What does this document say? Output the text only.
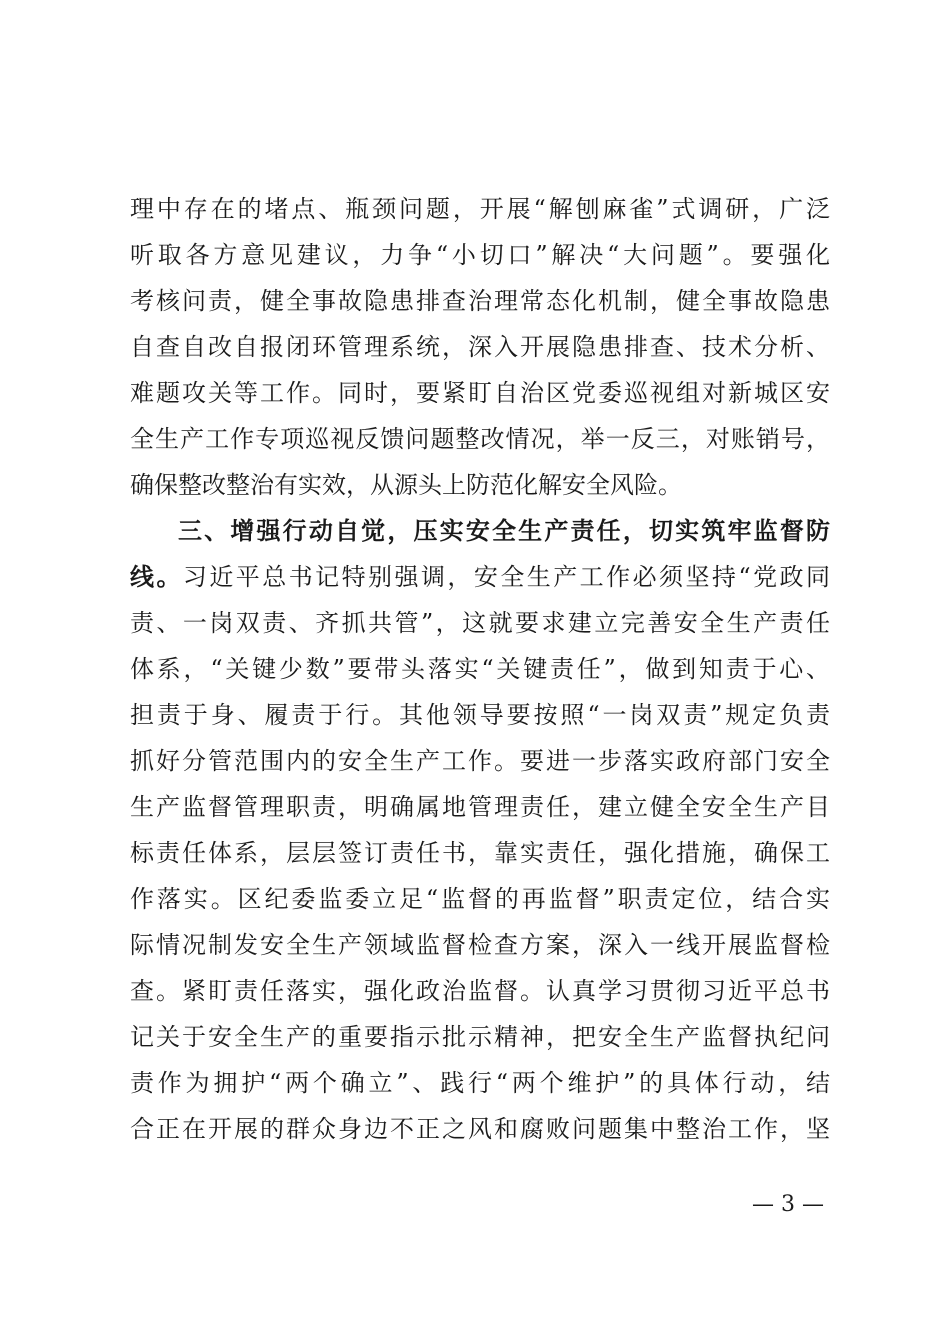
理中存在的堵点、瓶颈问题，开展“解刨麻雀”式调研，广泛
听取各方意见建议，力争“小切口”解决“大问题”。要强化
考核问责，健全事故隐患排查治理常态化机制，健全事故隐患
自查自改自报闭环管理系统，深入开展隐患排查、技术分析、
难题攻关等工作。同时，要紧盯自治区党委巡视组对新城区安
全生产工作专项巡视反馈问题整改情况，举一反三，对账销号，
确保整改整治有实效，从源头上防范化解安全风险。
三、增强行动自觉，压实安全生产责任，切实筑牢监督防
线。习近平总书记特别强调，安全生产工作必须坚持“党政同
责、一岗双责、齐抓共管”，这就要求建立完善安全生产责任
体系，“关键少数”要带头落实“关键责任”，做到知责于心、
担责于身、履责于行。其他领导要按照“一岗双责”规定负责
抓好分管范围内的安全生产工作。要进一步落实政府部门安全
生产监督管理职责，明确属地管理责任，建立健全安全生产目
标责任体系，层层签订责任书，靠实责任，强化措施，确保工
作落实。区纪委监委立足“监督的再监督”职责定位，结合实
际情况制发安全生产领域监督检查方案，深入一线开展监督检
查。紧盯责任落实，强化政治监督。认真学习贯彻习近平总书
记关于安全生产的重要指示批示精神，把安全生产监督执纪问
责作为拥护“两个确立”、践行“两个维护”的具体行动，结
合正在开展的群众身边不正之风和腐败问题集中整治工作，坚
— 3 —
